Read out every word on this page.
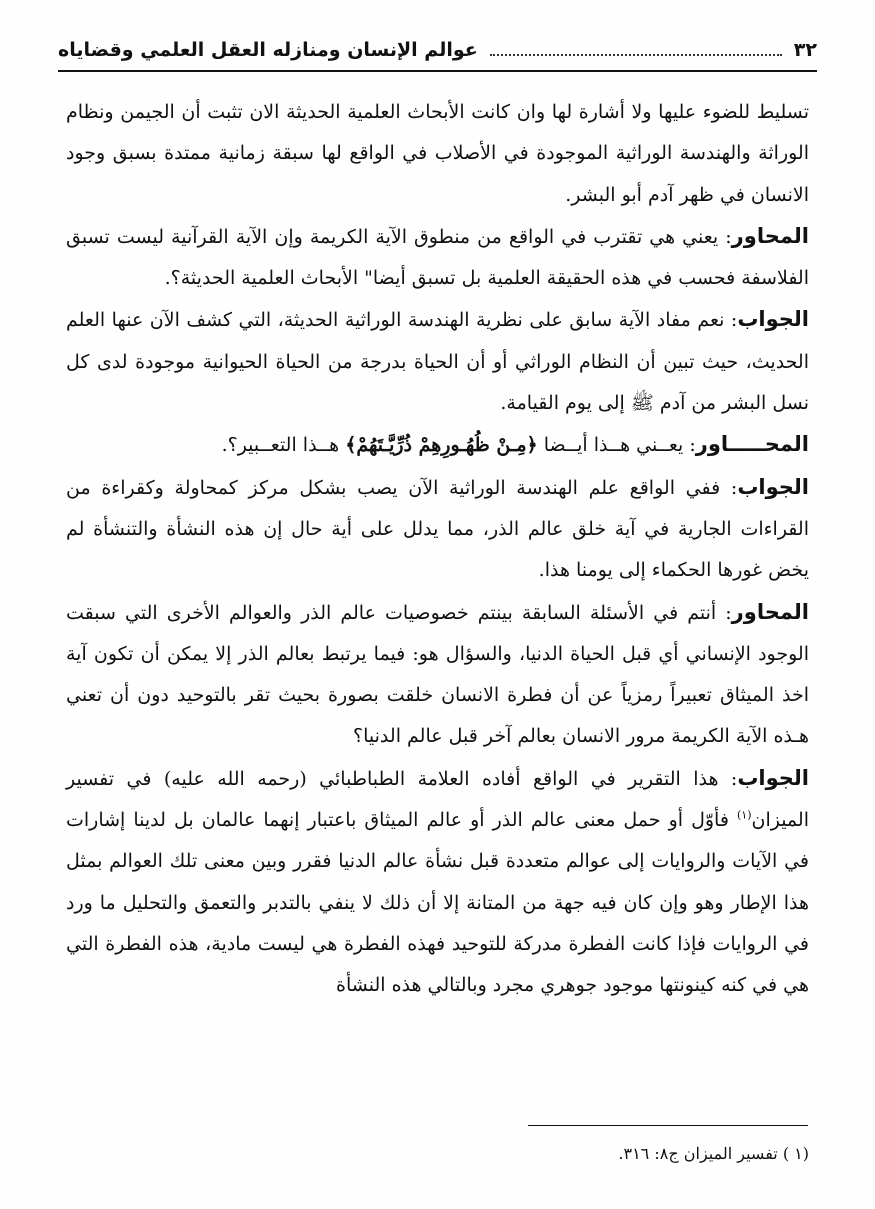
٣٢
عوالم الإنسان ومنازله العقل العلمي وقضاياه

تسليط للضوء عليها ولا أشارة لها وان كانت الأبحاث العلمية الحديثة الان تثبت أن الجيمن ونظام الوراثة والهندسة الوراثية الموجودة في الأصلاب في الواقع لها سبقة زمانية ممتدة بسبق وجود الانسان في ظهر آدم أبو البشر.

المحاور: يعني هي تقترب في الواقع من منطوق الآية الكريمة وإن الآية القرآنية ليست تسبق الفلاسفة فحسب في هذه الحقيقة العلمية بل تسبق أيضا" الأبحاث العلمية الحديثة؟.

الجواب: نعم مفاد الآية سابق على نظرية الهندسة الوراثية الحديثة، التي كشف الآن عنها العلم الحديث، حيث تبين أن النظام الوراثي أو أن الحياة بدرجة من الحياة الحيوانية موجودة لدى كل نسل البشر من آدم ﷺ إلى يوم القيامة.

المحـــــاور: يعــني هــذا أيــضا ﴿مِـنْ ظُهُـورِهِمْ ذُرِّيَّـتَهُمْ﴾ هــذا التعــبير؟.

الجواب: ففي الواقع علم الهندسة الوراثية الآن يصب بشكل مركز كمحاولة وكقراءة من القراءات الجارية في آية خلق عالم الذر، مما يدلل على أية حال إن هذه النشأة والتنشأة لم يخض غورها الحكماء إلى يومنا هذا.

المحاور: أنتم في الأسئلة السابقة بينتم خصوصيات عالم الذر والعوالم الأخرى التي سبقت الوجود الإنساني أي قبل الحياة الدنيا، والسؤال هو: فيما يرتبط بعالم الذر إلا يمكن أن تكون آية اخذ الميثاق تعبيراً رمزياً عن أن فطرة الانسان خلقت بصورة بحيث تقر بالتوحيد دون أن تعني هـذه الآية الكريمة مرور الانسان بعالم آخر قبل عالم الدنيا؟

الجواب: هذا التقرير في الواقع أفاده العلامة الطباطبائي (رحمه الله عليه) في تفسير الميزان$^{(١)}$ فأوّل أو حمل معنى عالم الذر أو عالم الميثاق باعتبار إنهما عالمان بل لدينا إشارات في الآيات والروايات إلى عوالم متعددة قبل نشأة عالم الدنيا فقرر وبين معنى تلك العوالم بمثل هذا الإطار وهو وإن كان فيه جهة من المتانة إلا أن ذلك لا ينفي بالتدبر والتعمق والتحليل ما ورد في الروايات فإذا كانت الفطرة مدركة للتوحيد فهذه الفطرة هي ليست مادية، هذه الفطرة التي هي في كنه كينونتها موجود جوهري مجرد وبالتالي هذه النشأة

(١ ) تفسير الميزان ج٨: ٣١٦.
